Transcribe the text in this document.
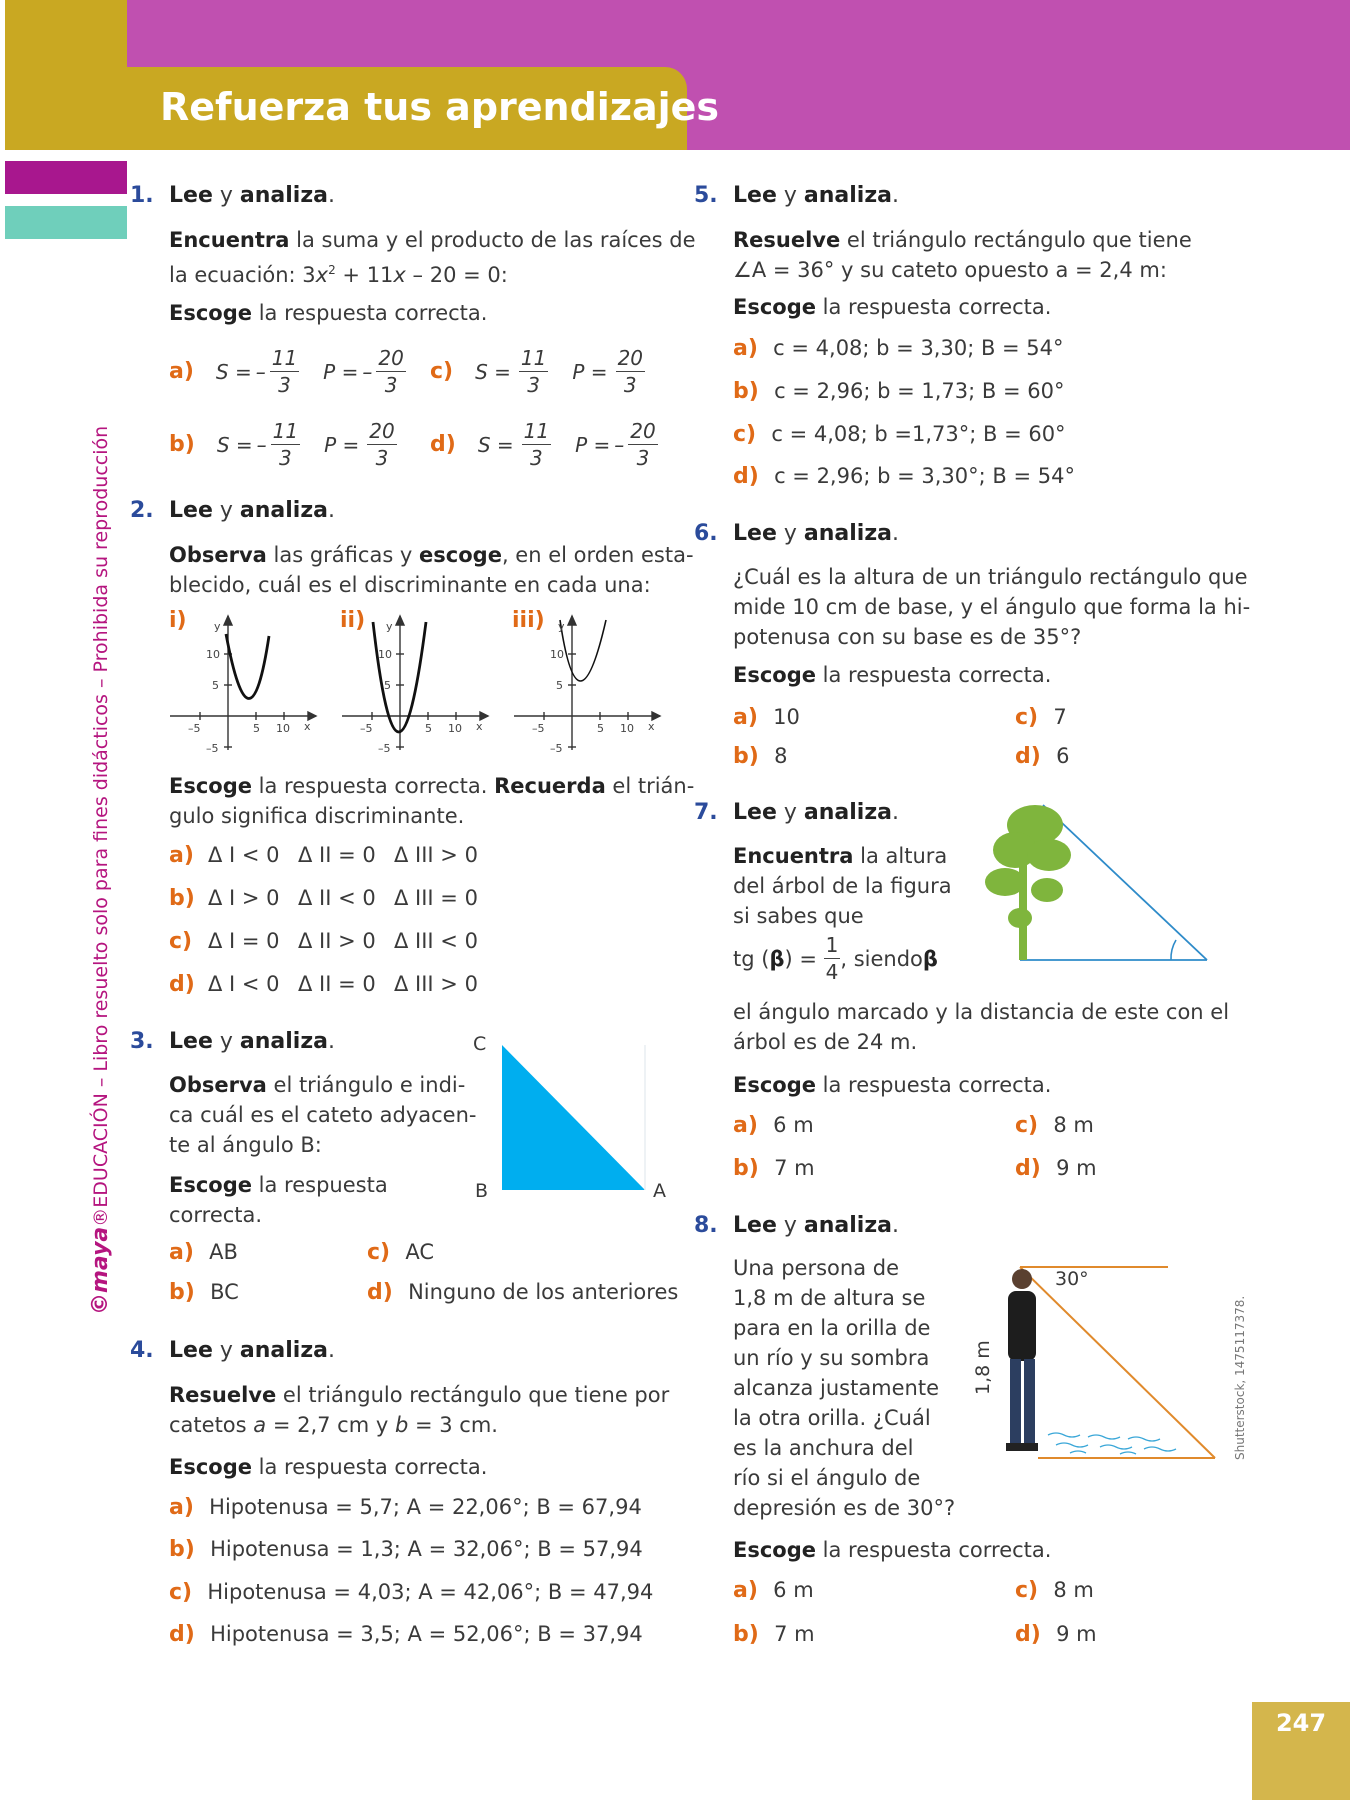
Refuerza tus aprendizajes
©maya®EDUCACIÓN – Libro resuelto solo para fines didácticos – Prohibida su reproducción
247
Shutterstock, 1475117378.
1. Lee y analiza.
Encuentra la suma y el producto de las raíces de
la ecuación: $3x^2 + 11x - 20 = 0$:
Escoge la respuesta correcta.
a) S = – $\frac{11}{3}$ P = – $\frac{20}{3}$
b) S = – $\frac{11}{3}$ $P = \frac{20}{3}$
c) $S = \frac{11}{3}$ $P = \frac{20}{3}$
d) $S = \frac{11}{3}$ P = – $\frac{20}{3}$
2. Lee y analiza.
Observa las gráficas y escoge, en el orden esta-
blecido, cuál es el discriminante en cada una:
i)	ii)	iii)
y
10
5
–5
–5	5 10 x
y
10
5
–5
–5	5 10 x
y
10
5
–5
–5	5 10 x
Escoge la respuesta correcta. Recuerda el trián-
gulo significa discriminante.
a) Δ I < 0 Δ II = 0 Δ III > 0
b) Δ I > 0 Δ II < 0 Δ III = 0
c) Δ I = 0 Δ II > 0 Δ III < 0
d) Δ I < 0 Δ II = 0 Δ III > 0
3. Lee y analiza.
Observa el triángulo e indi-
ca cuál es el cateto adyacen-
te al ángulo B:
Escoge la respuesta
correcta.
C
B	A
a) AB
b) BC
c) AC
d) Ninguno de los anteriores
4. Lee y analiza.
Resuelve el triángulo rectángulo que tiene por
catetos a = 2,7 cm y b = 3 cm.
Escoge la respuesta correcta.
a) Hipotenusa = 5,7; A = 22,06°; B = 67,94
b) Hipotenusa = 1,3; A = 32,06°; B = 57,94
c) Hipotenusa = 4,03; A = 42,06°; B = 47,94
d) Hipotenusa = 3,5; A = 52,06°; B = 37,94
5. Lee y analiza.
Resuelve el triángulo rectángulo que tiene
∠A = 36° y su cateto opuesto a = 2,4 m:
Escoge la respuesta correcta.
a) c = 4,08; b = 3,30; B = 54°
b) c = 2,96; b = 1,73; B = 60°
c) c = 4,08; b =1,73°; B = 60°
d) c = 2,96; b = 3,30°; B = 54°
6. Lee y analiza.
¿Cuál es la altura de un triángulo rectángulo que
mide 10 cm de base, y el ángulo que forma la hi-
potenusa con su base es de 35°?
Escoge la respuesta correcta.
a) 10
b) 8
c) 7
d) 6
7. Lee y analiza.
Encuentra la altura
del árbol de la figura
si sabes que
tg ( β ) =
$\frac{1}{4}$ , siendo β
el ángulo marcado y la distancia de este con el
árbol es de 24 m.
Escoge la respuesta correcta.
a) 6 m
b) 7 m
c) 8 m
d) 9 m
8. Lee y analiza.
Una persona de
1,8 m de altura se
para en la orilla de
un río y su sombra
alcanza justamente
la otra orilla. ¿Cuál
es la anchura del
río si el ángulo de
depresión es de 30°?
30°
1,8 m
Escoge la respuesta correcta.
a) 6 m
b) 7 m
c) 8 m
d) 9 m
